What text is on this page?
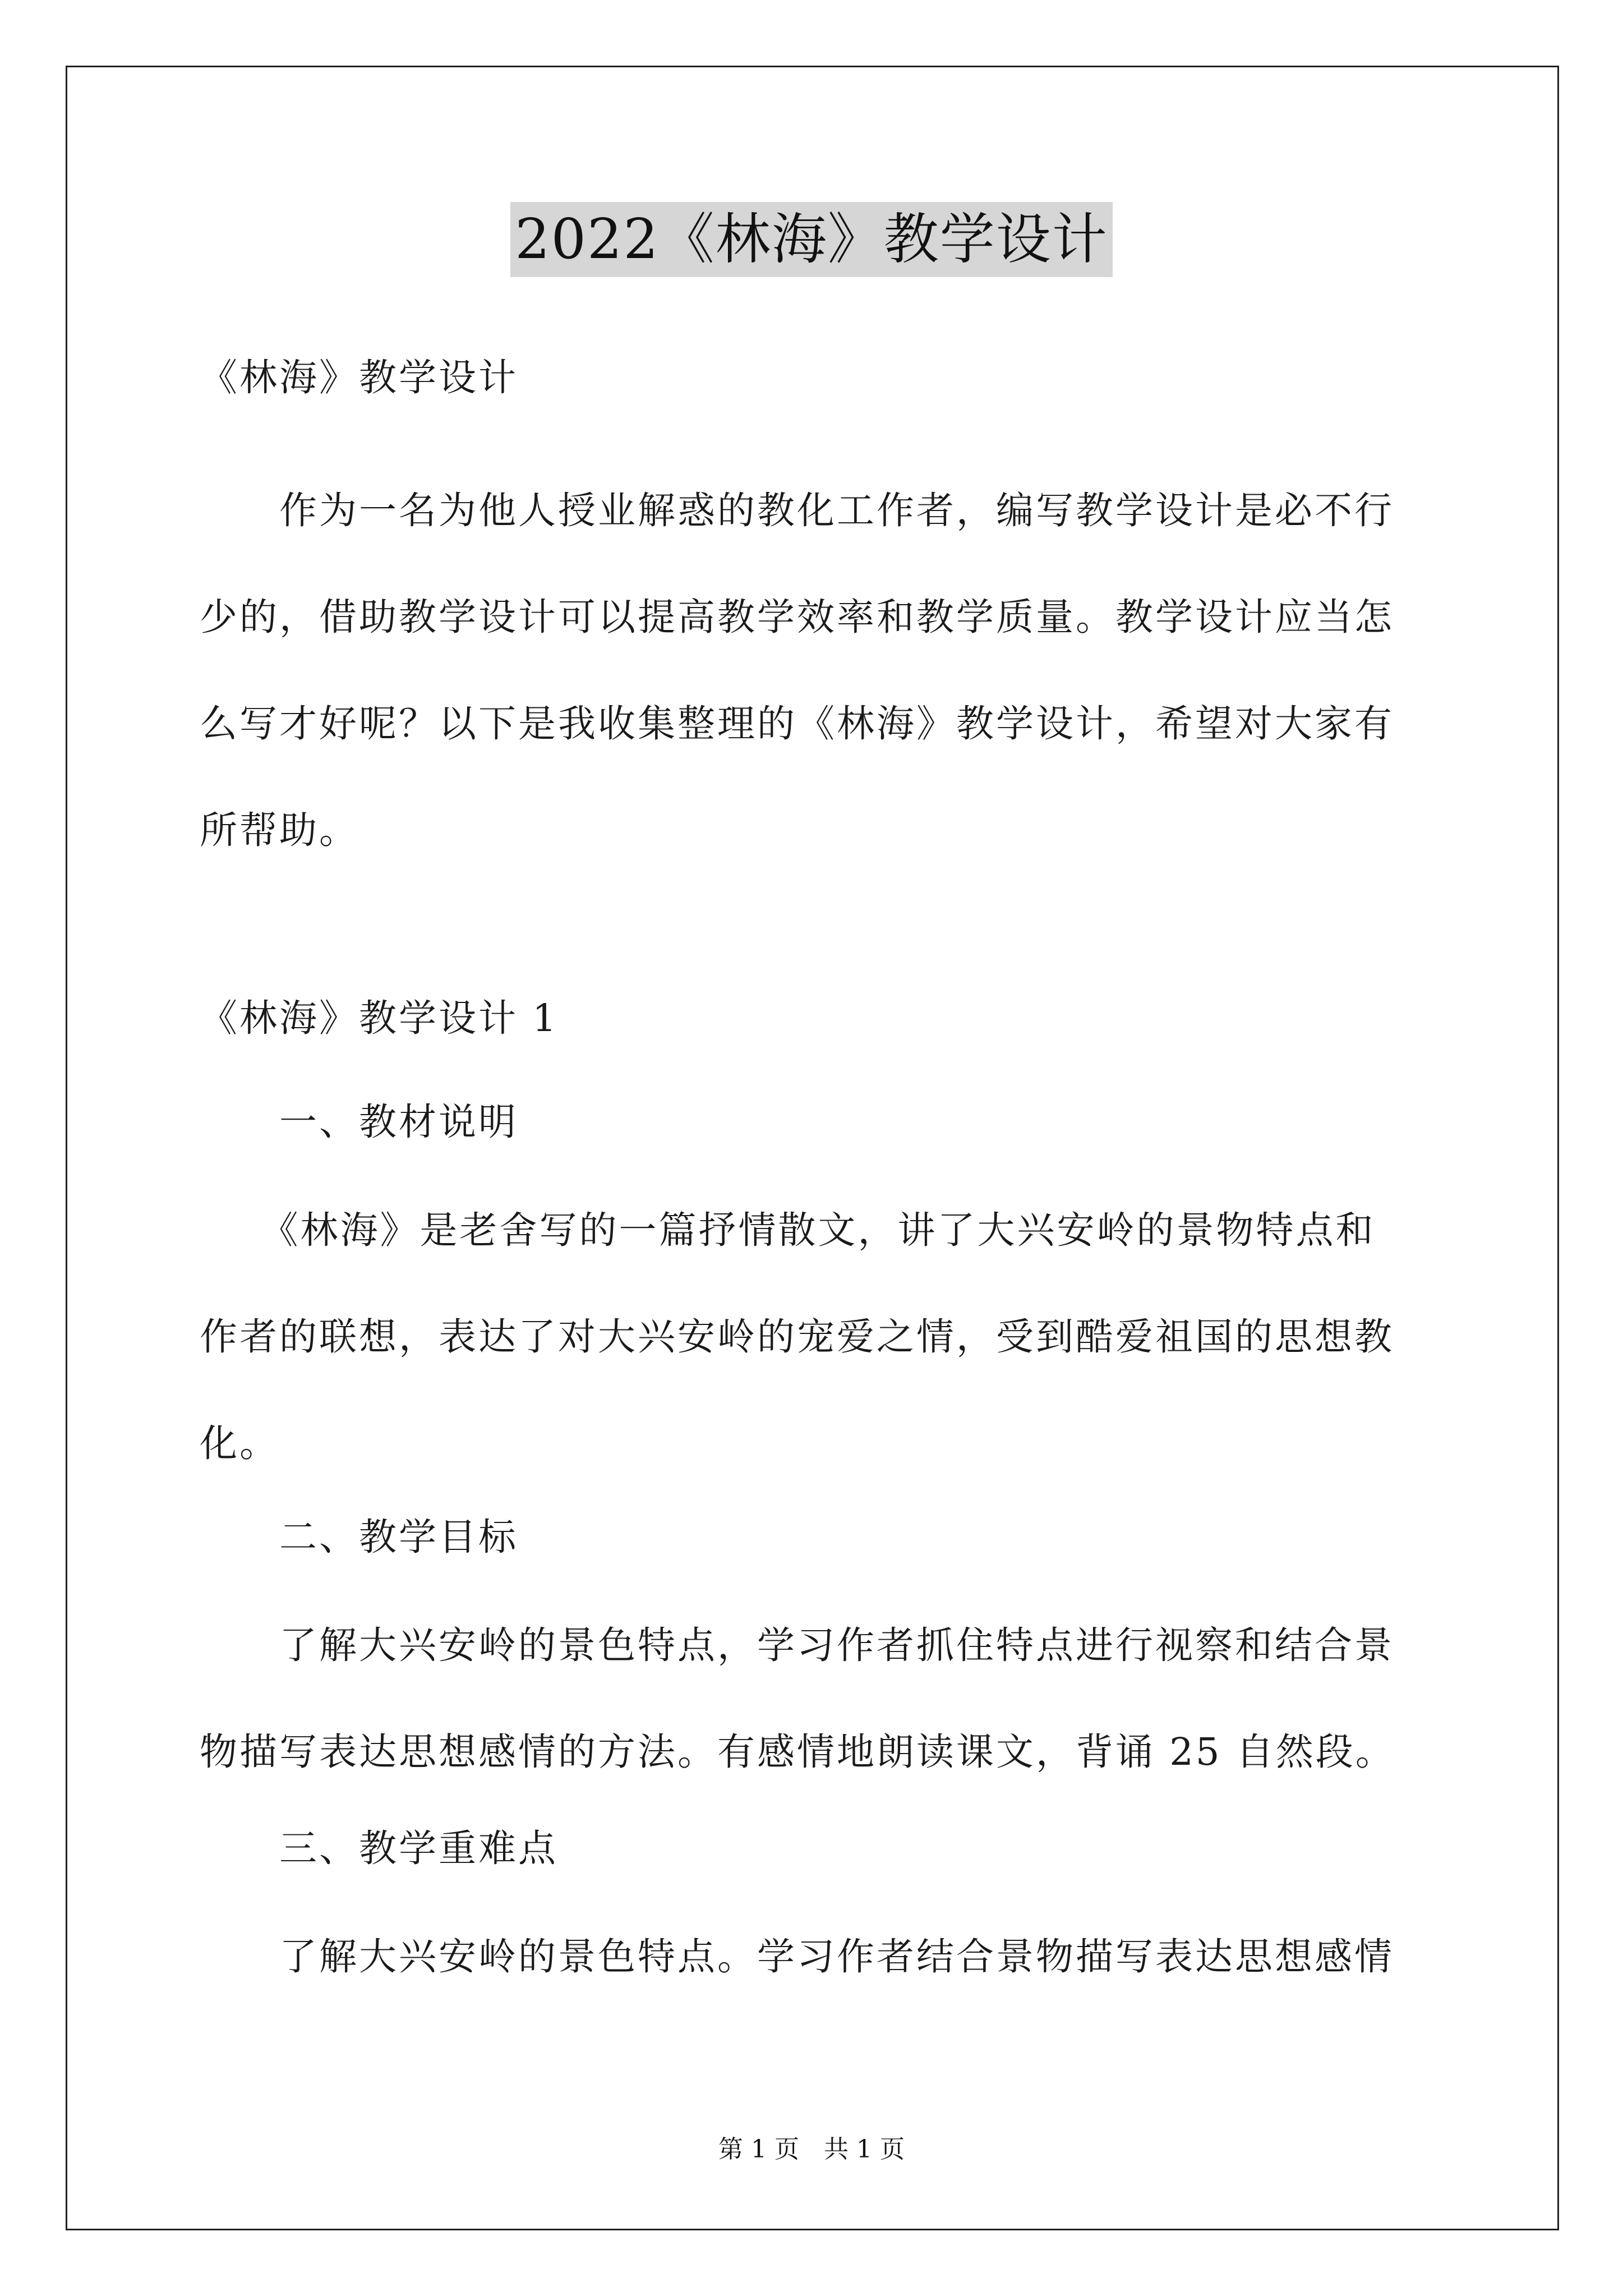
2022《林海》教学设计

《林海》教学设计

　　作为一名为他人授业解惑的教化工作者，编写教学设计是必不行

少的，借助教学设计可以提高教学效率和教学质量。教学设计应当怎

么写才好呢？以下是我收集整理的《林海》教学设计，希望对大家有

所帮助。

《林海》教学设计 1

　　一、教材说明

　　《林海》是老舍写的一篇抒情散文，讲了大兴安岭的景物特点和

作者的联想，表达了对大兴安岭的宠爱之情，受到酷爱祖国的思想教

化。

　　二、教学目标

　　了解大兴安岭的景色特点，学习作者抓住特点进行视察和结合景

物描写表达思想感情的方法。有感情地朗读课文，背诵 25 自然段。

　　三、教学重难点

　　了解大兴安岭的景色特点。学习作者结合景物描写表达思想感情

第 1 页　共 1 页
